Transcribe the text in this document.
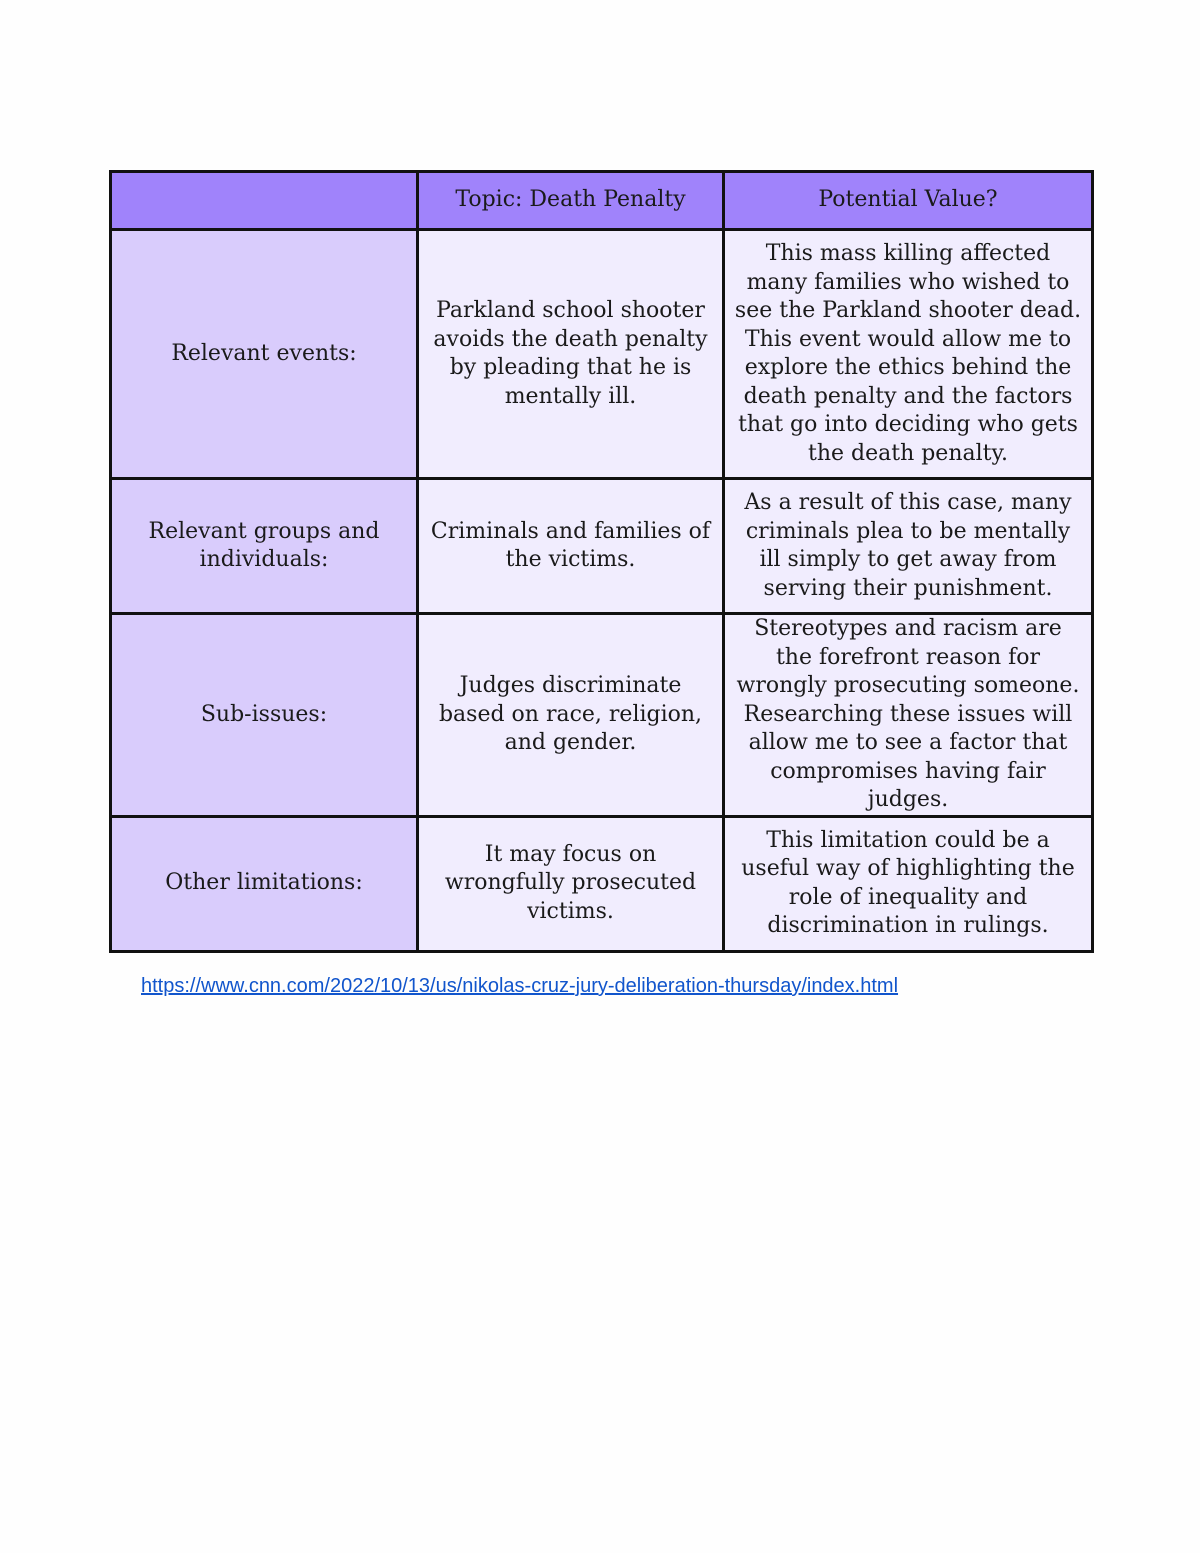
	Topic: Death Penalty	Potential Value?
Relevant events:	Parkland school shooter avoids the death penalty by pleading that he is mentally ill.	This mass killing affected many families who wished to see the Parkland shooter dead. This event would allow me to explore the ethics behind the death penalty and the factors that go into deciding who gets the death penalty.
Relevant groups and individuals:	Criminals and families of the victims.	As a result of this case, many criminals plea to be mentally ill simply to get away from serving their punishment.
Sub-issues:	Judges discriminate based on race, religion, and gender.	Stereotypes and racism are the forefront reason for wrongly prosecuting someone. Researching these issues will allow me to see a factor that compromises having fair judges.
Other limitations:	It may focus on wrongfully prosecuted victims.	This limitation could be a useful way of highlighting the role of inequality and discrimination in rulings.
https://www.cnn.com/2022/10/13/us/nikolas-cruz-jury-deliberation-thursday/index.html
